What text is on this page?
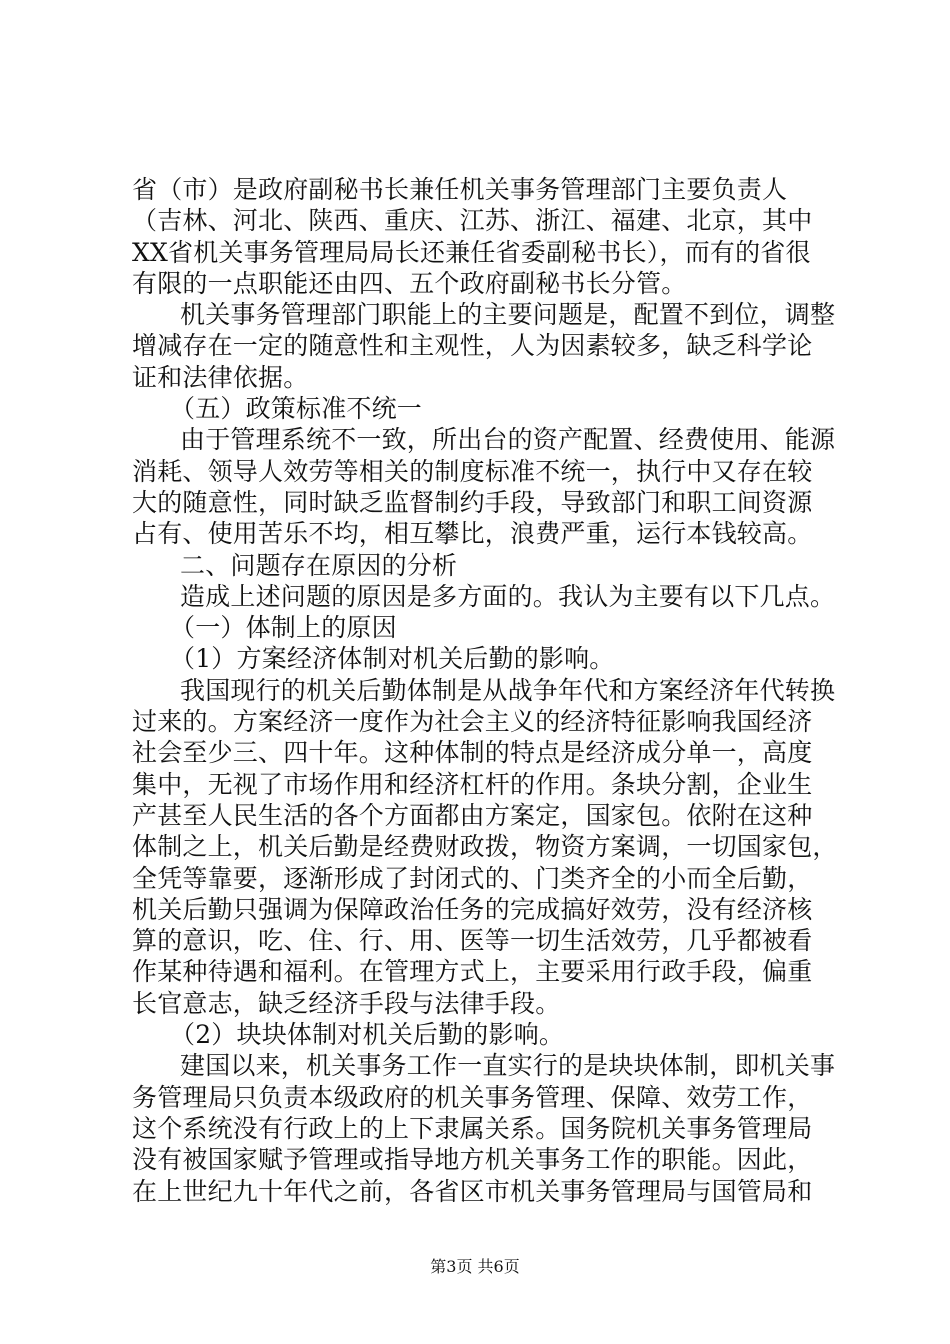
省（市）是政府副秘书长兼任机关事务管理部门主要负责人
（吉林、河北、陕西、重庆、江苏、浙江、福建、北京，其中
XX省机关事务管理局局长还兼任省委副秘书长），而有的省很
有限的一点职能还由四、五个政府副秘书长分管。
机关事务管理部门职能上的主要问题是，配置不到位，调整
增减存在一定的随意性和主观性，人为因素较多，缺乏科学论
证和法律依据。
（五）政策标准不统一
由于管理系统不一致，所出台的资产配置、经费使用、能源
消耗、领导人效劳等相关的制度标准不统一，执行中又存在较
大的随意性，同时缺乏监督制约手段，导致部门和职工间资源
占有、使用苦乐不均，相互攀比，浪费严重，运行本钱较高。
二、问题存在原因的分析
造成上述问题的原因是多方面的。我认为主要有以下几点。
（一）体制上的原因
（1）方案经济体制对机关后勤的影响。
我国现行的机关后勤体制是从战争年代和方案经济年代转换
过来的。方案经济一度作为社会主义的经济特征影响我国经济
社会至少三、四十年。这种体制的特点是经济成分单一，高度
集中，无视了市场作用和经济杠杆的作用。条块分割，企业生
产甚至人民生活的各个方面都由方案定，国家包。依附在这种
体制之上，机关后勤是经费财政拨，物资方案调，一切国家包，
全凭等靠要，逐渐形成了封闭式的、门类齐全的小而全后勤，
机关后勤只强调为保障政治任务的完成搞好效劳，没有经济核
算的意识，吃、住、行、用、医等一切生活效劳，几乎都被看
作某种待遇和福利。在管理方式上，主要采用行政手段，偏重
长官意志，缺乏经济手段与法律手段。
（2）块块体制对机关后勤的影响。
建国以来，机关事务工作一直实行的是块块体制，即机关事
务管理局只负责本级政府的机关事务管理、保障、效劳工作，
这个系统没有行政上的上下隶属关系。国务院机关事务管理局
没有被国家赋予管理或指导地方机关事务工作的职能。因此，
在上世纪九十年代之前，各省区市机关事务管理局与国管局和
第3页 共6页
